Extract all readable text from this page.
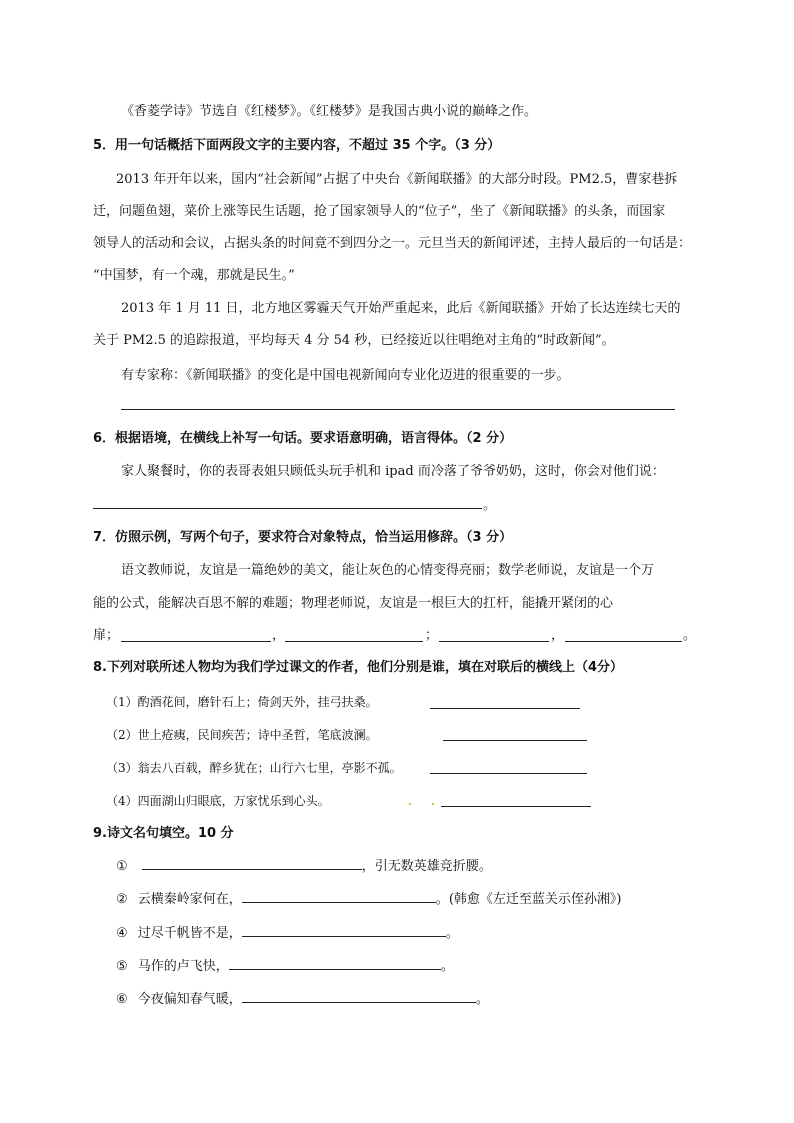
《香菱学诗》节选自《红楼梦》。《红楼梦》是我国古典小说的巅峰之作。
5．用一句话概括下面两段文字的主要内容，不超过 35 个字。（3 分）
2013 年开年以来，国内“社会新闻”占据了中央台《新闻联播》的大部分时段。PM2.5，曹家巷拆
迁，问题鱼翅，菜价上涨等民生话题，抢了国家领导人的“位子”，坐了《新闻联播》的头条，而国家
领导人的活动和会议，占据头条的时间竟不到四分之一。元旦当天的新闻评述，主持人最后的一句话是：
“中国梦，有一个魂，那就是民生。”
2013 年 1 月 11 日，北方地区雾霾天气开始严重起来，此后《新闻联播》开始了长达连续七天的
关于 PM2.5 的追踪报道，平均每天 4 分 54 秒，已经接近以往唱绝对主角的“时政新闻”。
有专家称：《新闻联播》的变化是中国电视新闻向专业化迈进的很重要的一步。
6．根据语境，在横线上补写一句话。要求语意明确，语言得体。（2 分）
家人聚餐时，你的表哥表姐只顾低头玩手机和 ipad 而冷落了爷爷奶奶，这时，你会对他们说：
。
7．仿照示例，写两个句子，要求符合对象特点，恰当运用修辞。（3 分）
语文教师说，友谊是一篇绝妙的美文，能让灰色的心情变得亮丽；数学老师说，友谊是一个万
能的公式，能解决百思不解的难题；物理老师说，友谊是一根巨大的扛杆，能撬开紧闭的心
扉；	，	；	，	。
8.下列对联所述人物均为我们学过课文的作者，他们分别是谁，填在对联后的横线上（4分）
（1）酌酒花间，磨针石上；倚剑天外，挂弓扶桑。
（2）世上疮痍，民间疾苦；诗中圣哲，笔底波澜。
（3）翁去八百载，醉乡犹在；山行六七里，亭影不孤。
（4）四面湖山归眼底，万家忧乐到心头。
9.诗文名句填空。10 分
①	，引无数英雄竞折腰。
② 云横秦岭家何在，	。(韩愈《左迁至蓝关示侄孙湘》)
④ 过尽千帆皆不是，	。
⑤ 马作的卢飞快，	。
⑥ 今夜偏知春气暖，	。
